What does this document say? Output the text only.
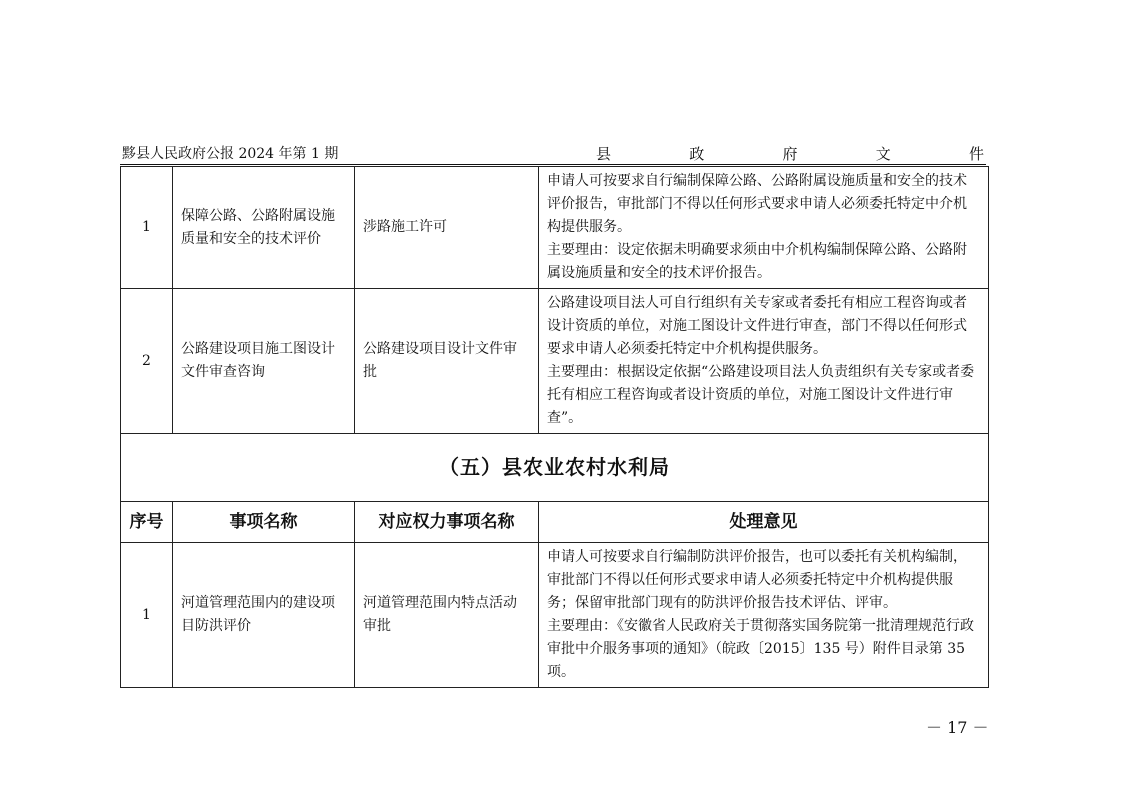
黟县人民政府公报 2024 年第 1 期	县	政	府	文	件
1	保障公路、公路附属设施质量和安全的技术评价	涉路施工许可	申请人可按要求自行编制保障公路、公路附属设施质量和安全的技术评价报告，审批部门不得以任何形式要求申请人必须委托特定中介机构提供服务。

主要理由：设定依据未明确要求须由中介机构编制保障公路、公路附属设施质量和安全的技术评价报告。

2	公路建设项目施工图设计文件审查咨询	公路建设项目设计文件审批	公路建设项目法人可自行组织有关专家或者委托有相应工程咨询或者设计资质的单位，对施工图设计文件进行审查，部门不得以任何形式要求申请人必须委托特定中介机构提供服务。

主要理由：根据设定依据“公路建设项目法人负责组织有关专家或者委托有相应工程咨询或者设计资质的单位，对施工图设计文件进行审查”。

（五）县农业农村水利局			
序号	事项名称	对应权力事项名称	处理意见
1	河道管理范围内的建设项目防洪评价	河道管理范围内特点活动审批	申请人可按要求自行编制防洪评价报告，也可以委托有关机构编制，审批部门不得以任何形式要求申请人必须委托特定中介机构提供服务；保留审批部门现有的防洪评价报告技术评估、评审。

主要理由：《安徽省人民政府关于贯彻落实国务院第一批清理规范行政审批中介服务事项的通知》（皖政〔2015〕135 号）附件目录第 35 项。

－ 17 －
